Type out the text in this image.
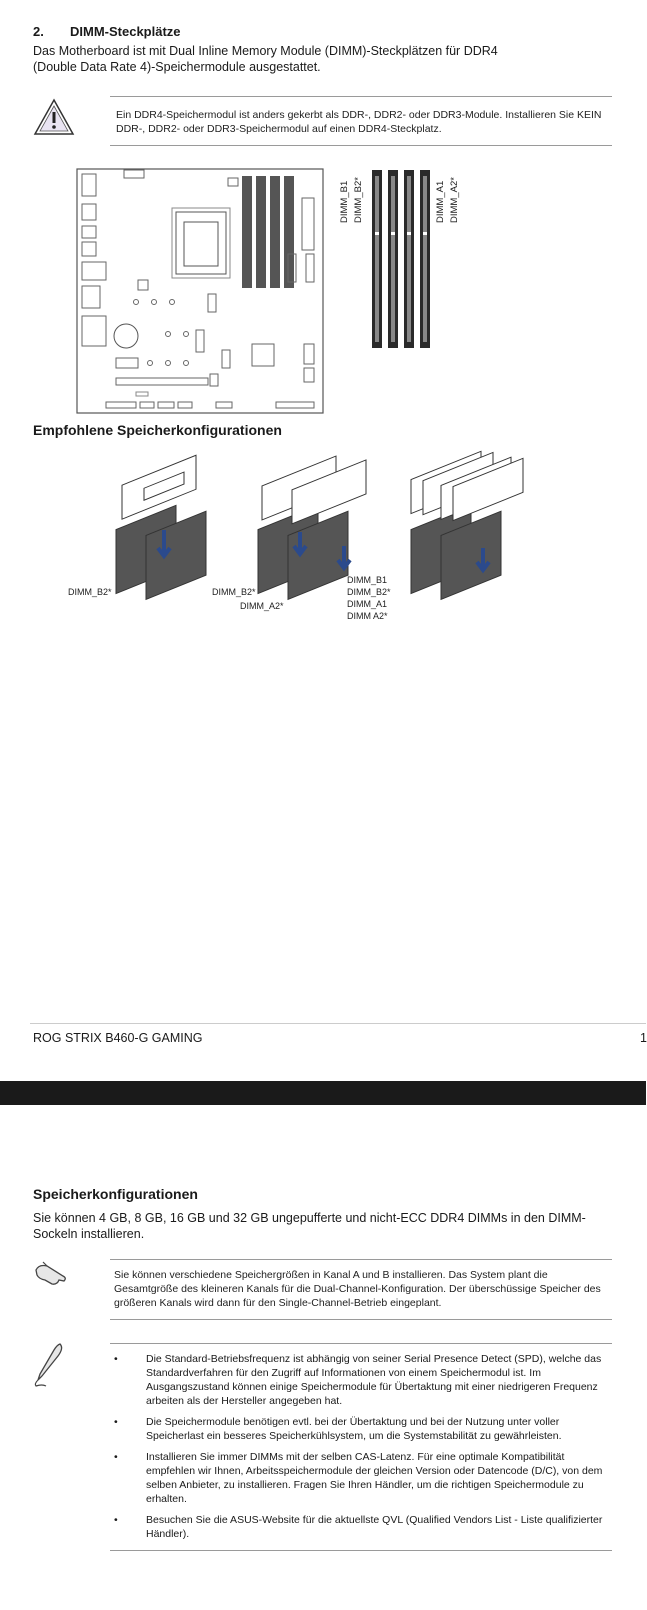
2. DIMM-Steckplätze
Das Motherboard ist mit Dual Inline Memory Module (DIMM)-Steckplätzen für DDR4
(Double Data Rate 4)-Speichermodule ausgestattet.
Ein DDR4-Speichermodul ist anders gekerbt als DDR-, DDR2- oder DDR3-Module. Installieren Sie KEIN DDR-, DDR2- oder DDR3-Speichermodul auf einen DDR4-Steckplatz.
DIMM_B1 DIMM_B2*	DIMM_A1 DIMM_A2*
Empfohlene Speicherkonfigurationen
DIMM_B2*	DIMM_B2*
DIMM_A2*
DIMM_B1
DIMM_B2*
DIMM_A1
DIMM A2*
ROG STRIX B460-G GAMING	1
Speicherkonfigurationen
Sie können 4 GB, 8 GB, 16 GB und 32 GB ungepufferte und nicht-ECC DDR4 DIMMs in den DIMM-Sockeln installieren.
Sie können verschiedene Speichergrößen in Kanal A und B installieren. Das System plant die Gesamtgröße des kleineren Kanals für die Dual-Channel-Konfiguration. Der überschüssige Speicher des größeren Kanals wird dann für den Single-Channel-Betrieb eingeplant.
• Die Standard-Betriebsfrequenz ist abhängig von seiner Serial Presence Detect (SPD), welche das Standardverfahren für den Zugriff auf Informationen von einem Speichermodul ist. Im Ausgangszustand können einige Speichermodule für Übertaktung mit einer niedrigeren Frequenz arbeiten als der Hersteller angegeben hat.
• Die Speichermodule benötigen evtl. bei der Übertaktung und bei der Nutzung unter voller Speicherlast ein besseres Speicherkühlsystem, um die Systemstabilität zu gewährleisten.
• Installieren Sie immer DIMMs mit der selben CAS-Latenz. Für eine optimale Kompatibilität empfehlen wir Ihnen, Arbeitsspeichermodule der gleichen Version oder Datencode (D/C), von dem selben Anbieter, zu installieren. Fragen Sie Ihren Händler, um die richtigen Speichermodule zu erhalten.
• Besuchen Sie die ASUS-Website für die aktuellste QVL (Qualified Vendors List - Liste qualifizierter Händler).
